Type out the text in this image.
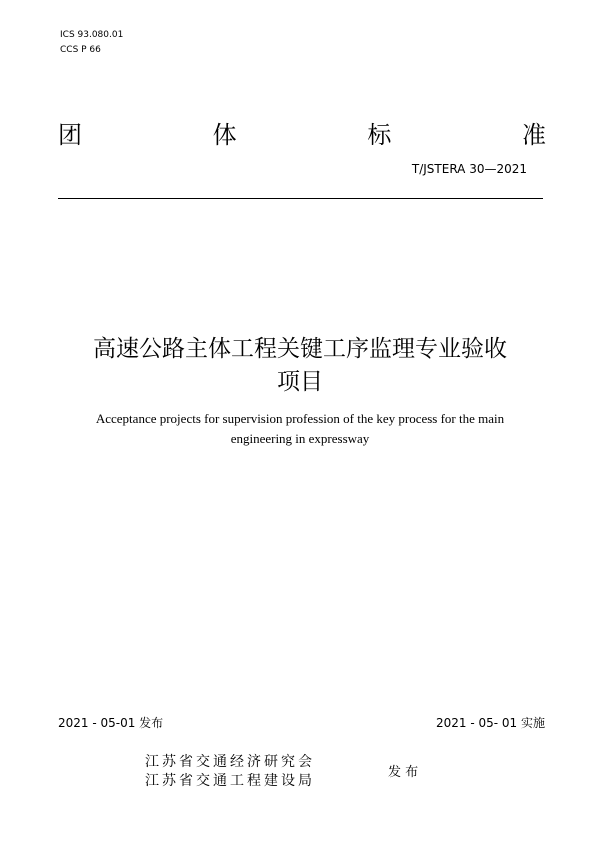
ICS 93.080.01
CCS P 66
团	体	标	准
T/JSTERA 30—2021
高速公路主体工程关键工序监理专业验收
项目
Acceptance projects for supervision profession of the key process for the main
engineering in expressway
2021 - 05-01 发布	2021 - 05- 01 实施
江苏省交通经济研究会
江苏省交通工程建设局
发 布
